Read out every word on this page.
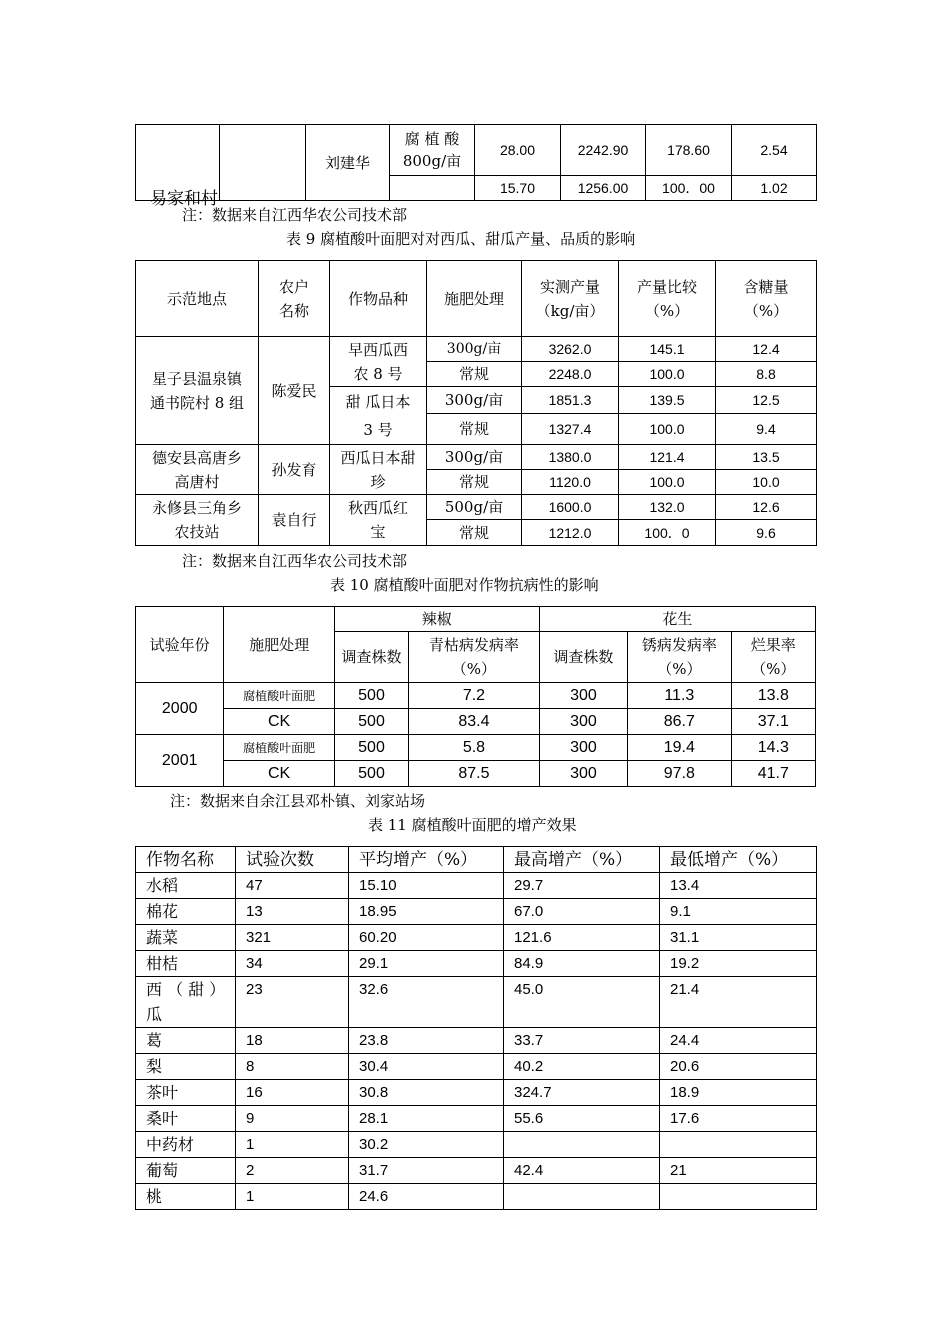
易家和村		刘建华	腐 植 酸 800g/亩	28.00	2242.90	178.60	2.54
				15.70	1256.00	100．00	1.02
注：数据来自江西华农公司技术部
表 9 腐植酸叶面肥对对西瓜、甜瓜产量、品质的影响
示范地点	农户名称	作物品种	施肥处理	实测产量（kg/亩）	产量比较（%）	含糖量（%）
星子县温泉镇通书院村 8 组	陈爱民	早西瓜西农 8 号	300g/亩	3262.0	145.1	12.4
			常规	2248.0	100.0	8.8
		甜 瓜日本 3 号	300g/亩	1851.3	139.5	12.5
			常规	1327.4	100.0	9.4
德安县高唐乡高唐村	孙发育	西瓜日本甜珍	300g/亩	1380.0	121.4	13.5
			常规	1120.0	100.0	10.0
永修县三角乡农技站	袁自行	秋西瓜红宝	500g/亩	1600.0	132.0	12.6
			常规	1212.0	100．0	9.6
注：数据来自江西华农公司技术部
表 10 腐植酸叶面肥对作物抗病性的影响
试验年份	施肥处理	辣椒		花生		
		调查株数	青枯病发病率（%）	调查株数	锈病发病率（%）	烂果率（%）
2000	腐植酸叶面肥	500	7.2	300	11.3	13.8
	CK	500	83.4	300	86.7	37.1
2001	腐植酸叶面肥	500	5.8	300	19.4	14.3
	CK	500	87.5	300	97.8	41.7
注：数据来自余江县邓朴镇、刘家站场
表 11 腐植酸叶面肥的增产效果
作物名称	试验次数	平均增产（%）	最高增产（%）	最低增产（%）
水稻	47	15.10	29.7	13.4
棉花	13	18.95	67.0	9.1
蔬菜	321	60.20	121.6	31.1
柑桔	34	29.1	84.9	19.2
西 （ 甜 ） 瓜	23	32.6	45.0	21.4
葛	18	23.8	33.7	24.4
梨	8	30.4	40.2	20.6
茶叶	16	30.8	324.7	18.9
桑叶	9	28.1	55.6	17.6
中药材	1	30.2		
葡萄	2	31.7	42.4	21
桃	1	24.6		
